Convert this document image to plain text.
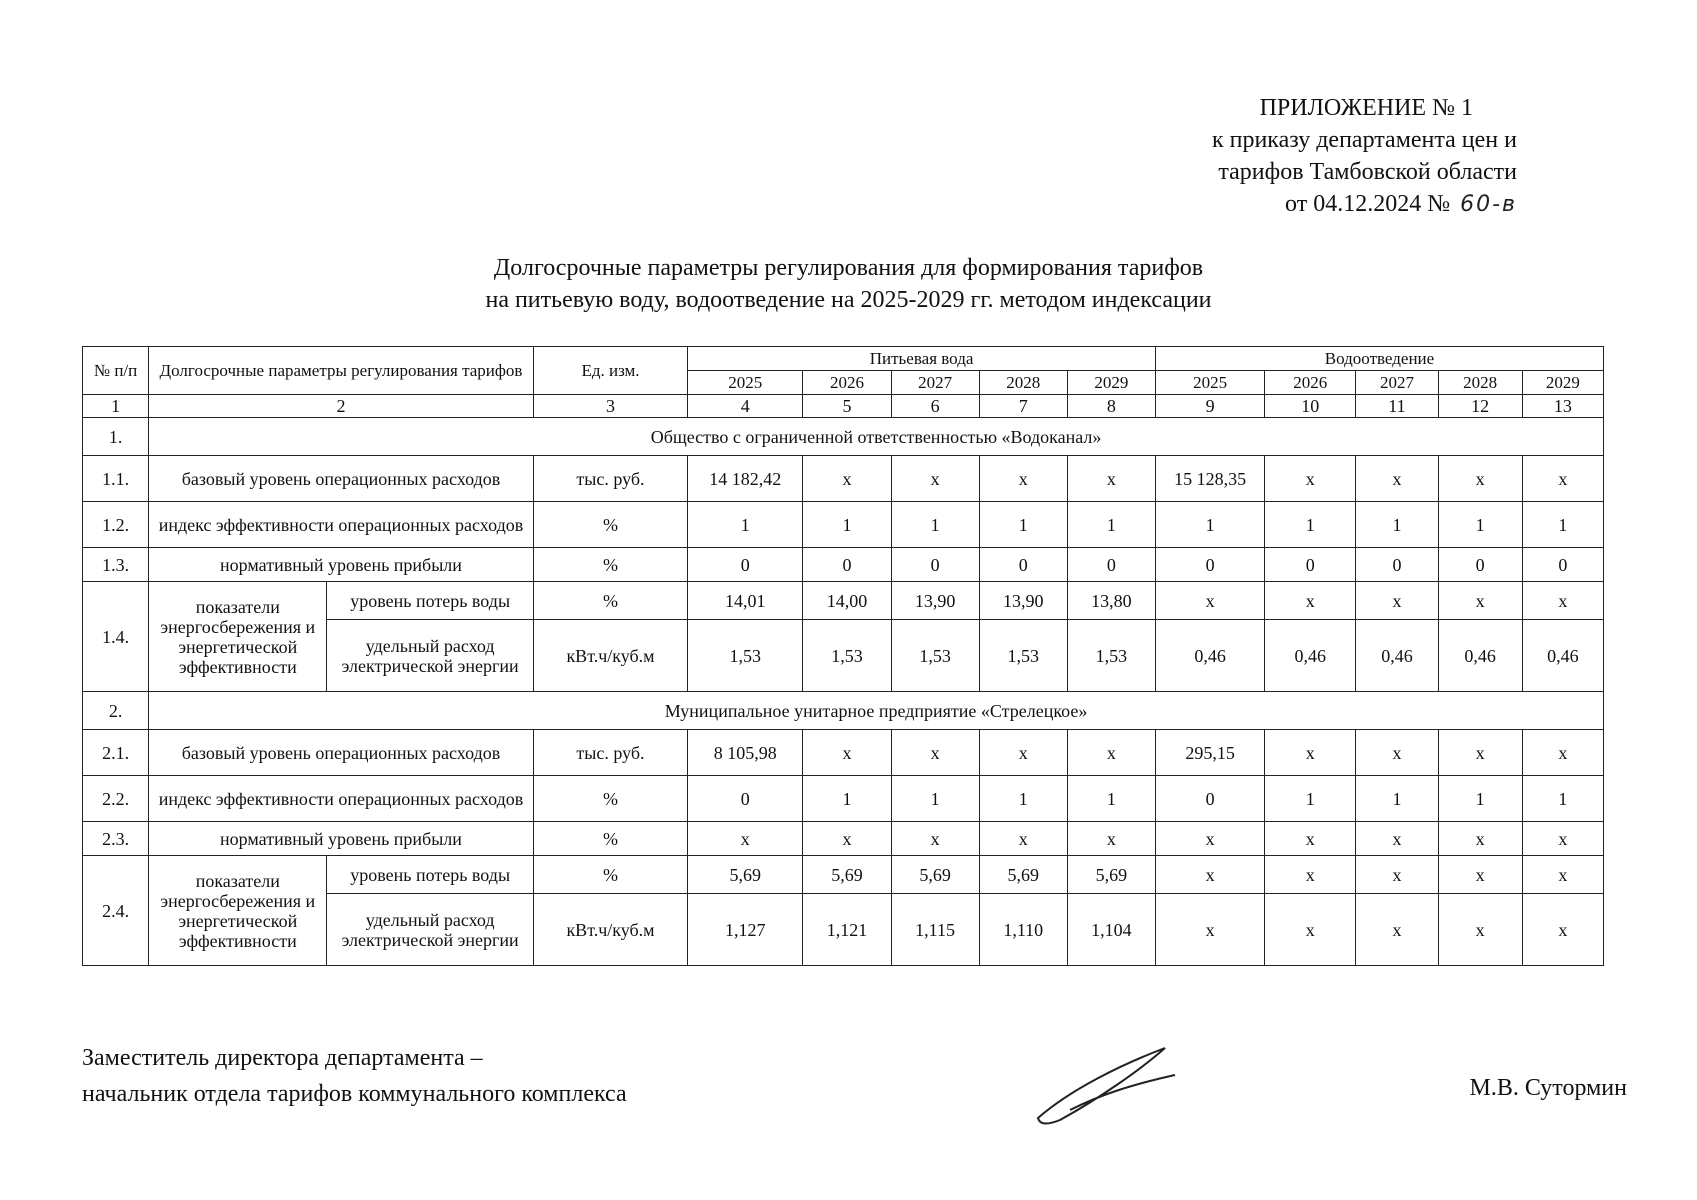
ПРИЛОЖЕНИЕ № 1
к приказу департамента цен и
тарифов Тамбовской области
от 04.12.2024 № 60-в
Долгосрочные параметры регулирования для формирования тарифов
на питьевую воду, водоотведение на 2025-2029 гг. методом индексации
№ п/п	Долгосрочные параметры регулирования тарифов		Ед. изм.	Питьевая вода					Водоотведение				
				2025	2026	2027	2028	2029	2025	2026	2027	2028	2029
1	2		3	4	5	6	7	8	9	10	11	12	13
1.	Общество с ограниченной ответственностью «Водоканал»												
1.1.	базовый уровень операционных расходов		тыс. руб.	14 182,42	x	x	x	x	15 128,35	x	x	x	x
1.2.	индекс эффективности операционных расходов		%	1	1	1	1	1	1	1	1	1	1
1.3.	нормативный уровень прибыли		%	0	0	0	0	0	0	0	0	0	0
1.4.	показатели энергосбережения и энергетической эффективности	уровень потерь воды	%	14,01	14,00	13,90	13,90	13,80	x	x	x	x	x
		удельный расход электрической энергии	кВт.ч/куб.м	1,53	1,53	1,53	1,53	1,53	0,46	0,46	0,46	0,46	0,46
2.	Муниципальное унитарное предприятие «Стрелецкое»												
2.1.	базовый уровень операционных расходов		тыс. руб.	8 105,98	x	x	x	x	295,15	x	x	x	x
2.2.	индекс эффективности операционных расходов		%	0	1	1	1	1	0	1	1	1	1
2.3.	нормативный уровень прибыли		%	x	x	x	x	x	x	x	x	x	x
2.4.	показатели энергосбережения и энергетической эффективности	уровень потерь воды	%	5,69	5,69	5,69	5,69	5,69	x	x	x	x	x
		удельный расход электрической энергии	кВт.ч/куб.м	1,127	1,121	1,115	1,110	1,104	x	x	x	x	x
Заместитель директора департамента –
начальник отдела тарифов коммунального комплекса	М.В. Сутормин
